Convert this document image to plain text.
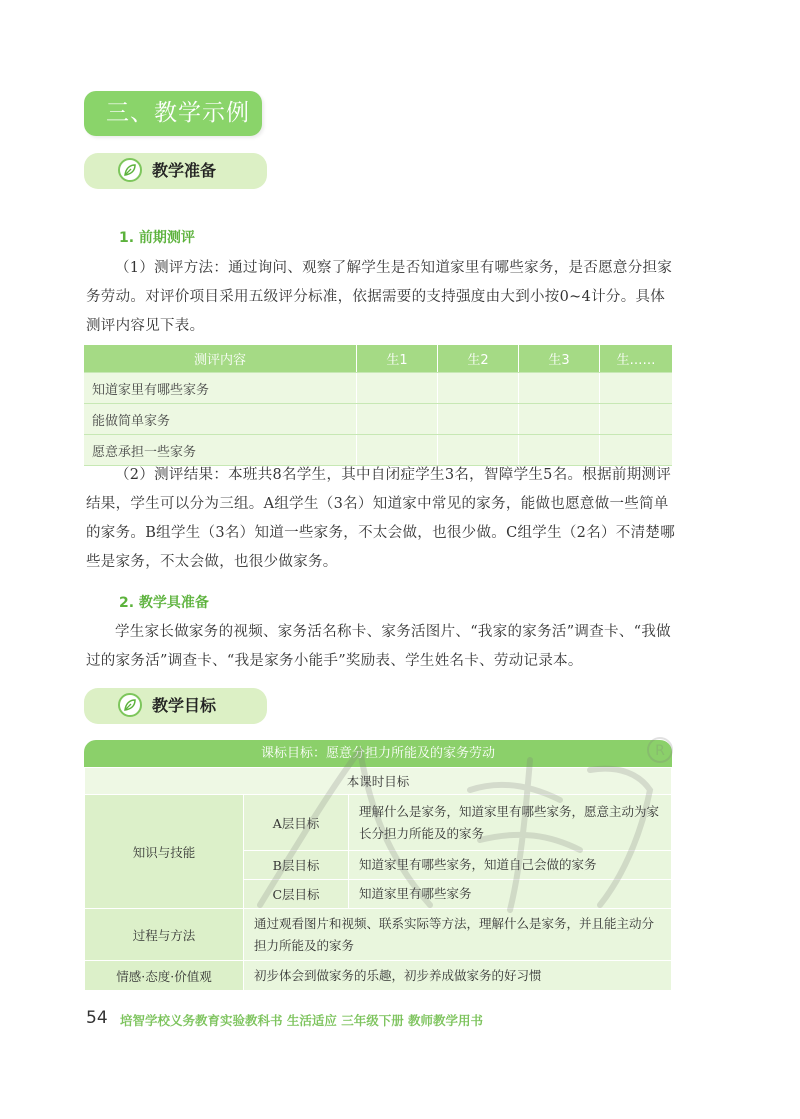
三、教学示例
教学准备
1. 前期测评

（1）测评方法：通过询问、观察了解学生是否知道家里有哪些家务，是否愿意分担家务劳动。对评价项目采用五级评分标准，依据需要的支持强度由大到小按0~4计分。具体测评内容见下表。

测评内容	生1	生2	生3	生……
知道家里有哪些家务				
能做简单家务				
愿意承担一些家务				

（2）测评结果：本班共8名学生，其中自闭症学生3名，智障学生5名。根据前期测评结果，学生可以分为三组。A组学生（3名）知道家中常见的家务，能做也愿意做一些简单的家务。B组学生（3名）知道一些家务，不太会做，也很少做。C组学生（2名）不清楚哪些是家务，不太会做，也很少做家务。

2. 教学具准备

学生家长做家务的视频、家务活名称卡、家务活图片、“我家的家务活”调查卡、“我做过的家务活”调查卡、“我是家务小能手”奖励表、学生姓名卡、劳动记录本。

教学目标
课标目标：愿意分担力所能及的家务劳动
本课时目标		
知识与技能	A层目标	理解什么是家务，知道家里有哪些家务，愿意主动为家长分担力所能及的家务
	B层目标	知道家里有哪些家务，知道自己会做的家务
	C层目标	知道家里有哪些家务
过程与方法	通过观看图片和视频、联系实际等方法，理解什么是家务，并且能主动分担力所能及的家务	
情感·态度·价值观	初步体会到做家务的乐趣，初步养成做家务的好习惯	
R
54 培智学校义务教育实验教科书 生活适应 三年级下册 教师教学用书
